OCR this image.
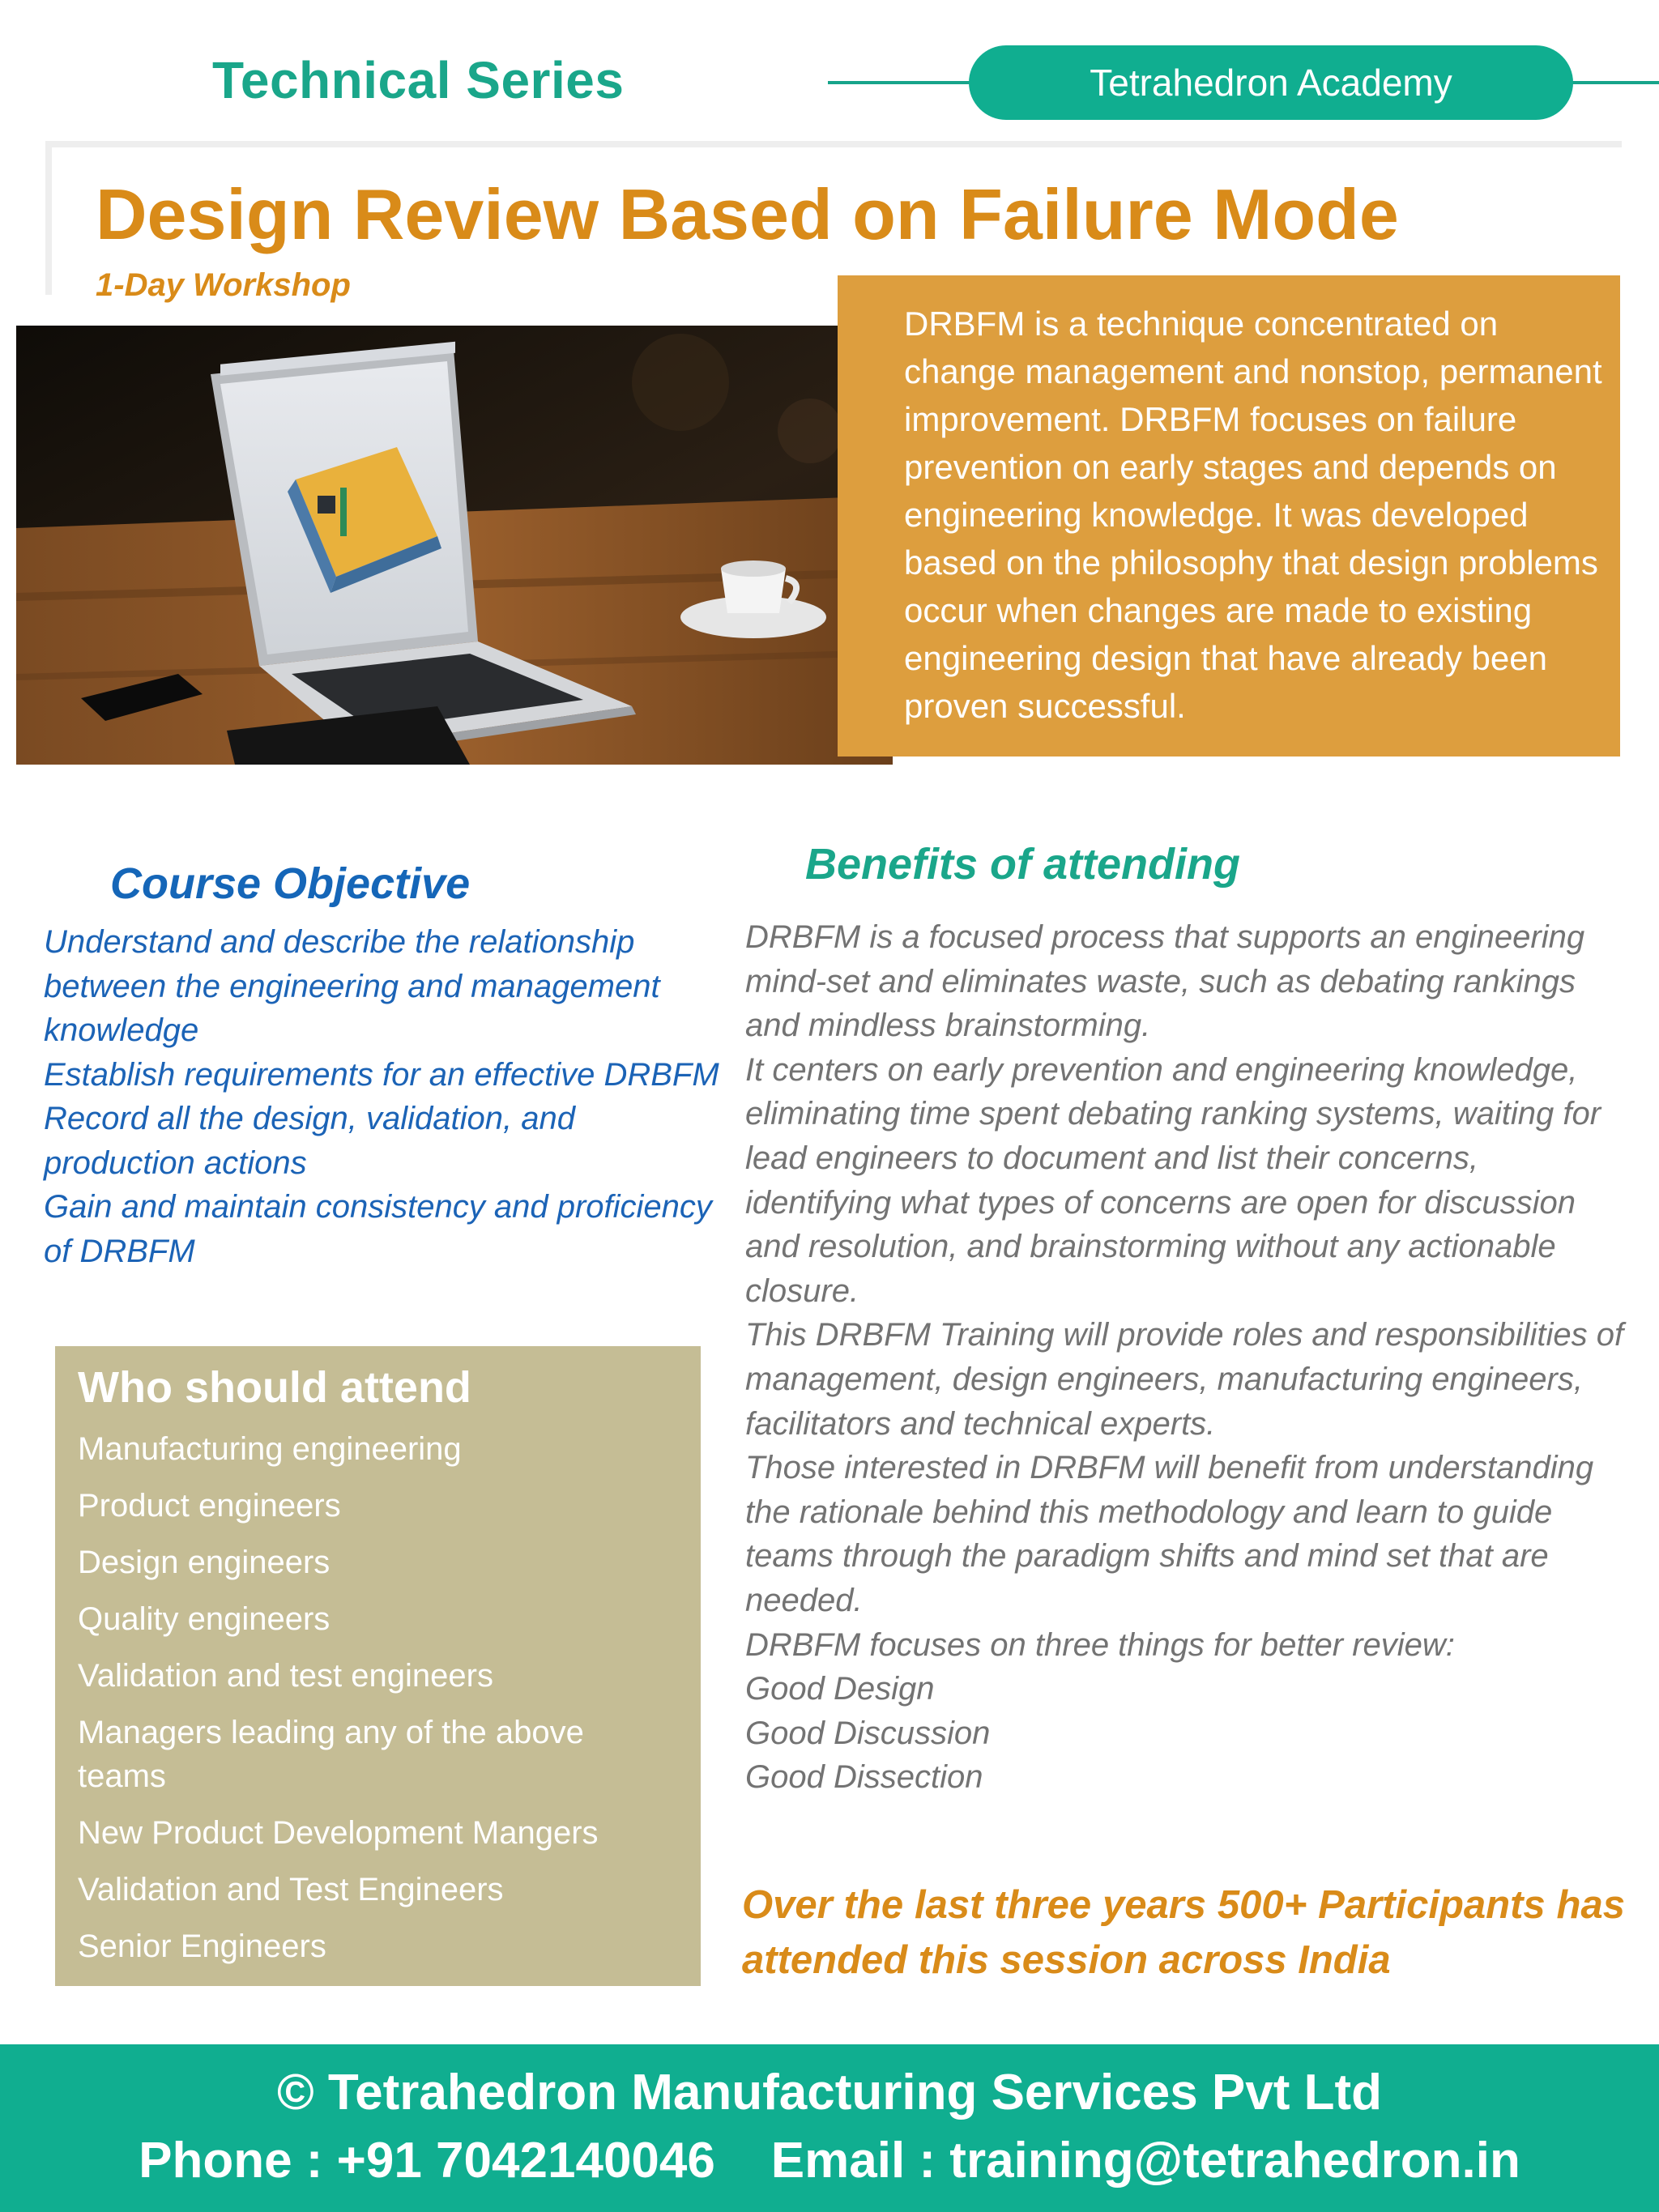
Technical Series	Tetrahedron Academy
Design Review Based on Failure Mode
1-Day Workshop
DRBFM is a technique concentrated on change management and nonstop, permanent improvement. DRBFM focuses on failure prevention on early stages and depends on engineering knowledge. It was developed based on the philosophy that design problems occur when changes are made to existing engineering design that have already been proven successful.
Course Objective
Understand and describe the relationship between the engineering and management knowledge
Establish requirements for an effective DRBFM
Record all the design, validation, and production actions
Gain and maintain consistency and proficiency of DRBFM
Who should attend
Manufacturing engineering
Product engineers
Design engineers
Quality engineers
Validation and test engineers
Managers leading any of the above teams
New Product Development Mangers
Validation and Test Engineers
Senior Engineers
Benefits of attending
DRBFM is a focused process that supports an engineering mind-set and eliminates waste, such as debating rankings and mindless brainstorming.
It centers on early prevention and engineering knowledge, eliminating time spent debating ranking systems, waiting for lead engineers to document and list their concerns, identifying what types of concerns are open for discussion and resolution, and brainstorming without any actionable closure.
This DRBFM Training will provide roles and responsibilities of management, design engineers, manufacturing engineers, facilitators and technical experts.
Those interested in DRBFM will benefit from understanding the rationale behind this methodology and learn to guide teams through the paradigm shifts and mind set that are needed.
DRBFM focuses on three things for better review:
Good Design
Good Discussion
Good Dissection
Over the last three years 500+ Participants has attended this session across India
© Tetrahedron Manufacturing Services Pvt Ltd
Phone : +91 7042140046 Email : training@tetrahedron.in
